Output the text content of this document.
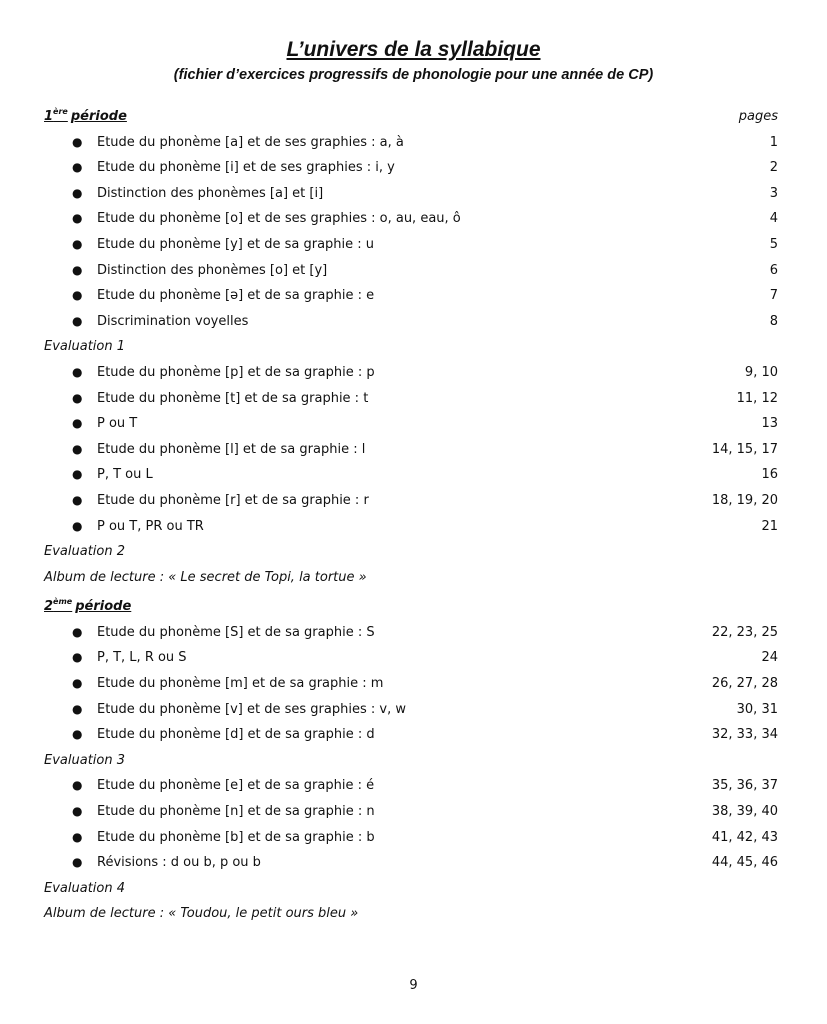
L’univers de la syllabique
(fichier d’exercices progressifs de phonologie pour une année de CP)
1ère période	pages
● Etude du phonème [a] et de ses graphies : a, à	1
● Etude du phonème [i] et de ses graphies : i, y	2
● Distinction des phonèmes [a] et [i]	3
● Etude du phonème [o] et de ses graphies : o, au, eau, ô	4
● Etude du phonème [y] et de sa graphie : u	5
● Distinction des phonèmes [o] et [y]	6
● Etude du phonème [ə] et de sa graphie : e	7
● Discrimination voyelles	8
Evaluation 1
● Etude du phonème [p] et de sa graphie : p	9, 10
● Etude du phonème [t] et de sa graphie : t	11, 12
● P ou T	13
● Etude du phonème [l] et de sa graphie : l	14, 15, 17
● P, T ou L	16
● Etude du phonème [r] et de sa graphie : r	18, 19, 20
● P ou T, PR ou TR	21
Evaluation 2
Album de lecture : « Le secret de Topi, la tortue »
2ème période
● Etude du phonème [S] et de sa graphie : S	22, 23, 25
● P, T, L, R ou S	24
● Etude du phonème [m] et de sa graphie : m	26, 27, 28
● Etude du phonème [v] et de ses graphies : v, w	30, 31
● Etude du phonème [d] et de sa graphie : d	32, 33, 34
Evaluation 3
● Etude du phonème [e] et de sa graphie : é	35, 36, 37
● Etude du phonème [n] et de sa graphie : n	38, 39, 40
● Etude du phonème [b] et de sa graphie : b	41, 42, 43
● Révisions : d ou b, p ou b	44, 45, 46
Evaluation 4
Album de lecture : « Toudou, le petit ours bleu »
9
